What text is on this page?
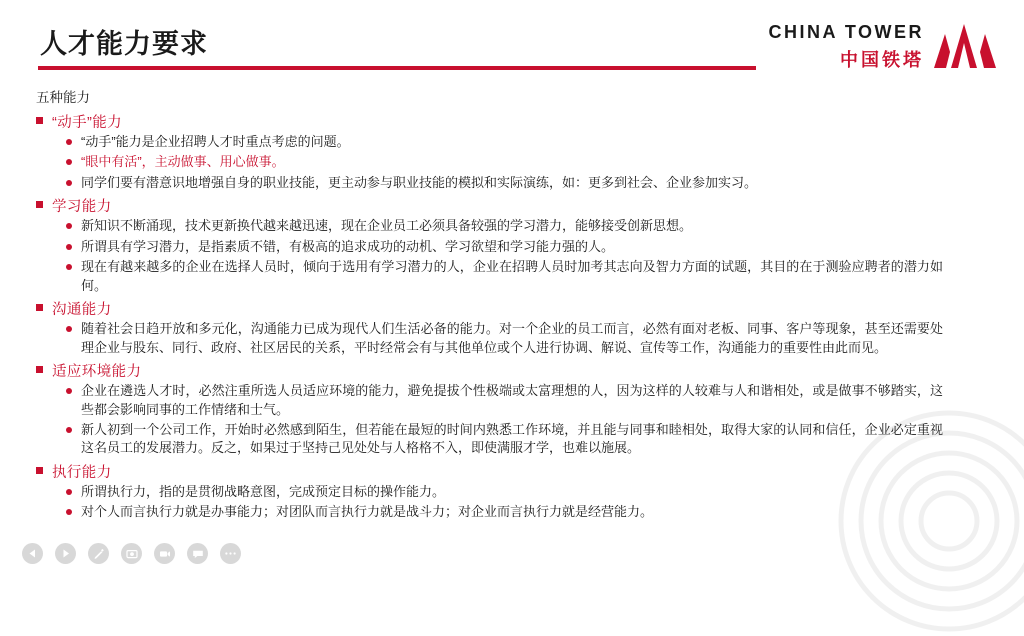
人才能力要求	CHINA TOWER
中国铁塔
五种能力
“动手”能力
“动手”能力是企业招聘人才时重点考虑的问题。
“眼中有活”，主动做事、用心做事。
同学们要有潜意识地增强自身的职业技能，更主动参与职业技能的模拟和实际演练，如：更多到社会、企业参加实习。
学习能力
新知识不断涌现，技术更新换代越来越迅速，现在企业员工必须具备较强的学习潜力，能够接受创新思想。
所谓具有学习潜力，是指素质不错，有极高的追求成功的动机、学习欲望和学习能力强的人。
现在有越来越多的企业在选择人员时，倾向于选用有学习潜力的人，企业在招聘人员时加考其志向及智力方面的试题，其目的在于测验应聘者的潜力如何。
沟通能力
随着社会日趋开放和多元化，沟通能力已成为现代人们生活必备的能力。对一个企业的员工而言，必然有面对老板、同事、客户等现象，甚至还需要处理企业与股东、同行、政府、社区居民的关系，平时经常会有与其他单位或个人进行协调、解说、宣传等工作，沟通能力的重要性由此而见。
适应环境能力
企业在遴选人才时，必然注重所选人员适应环境的能力，避免提拔个性极端或太富理想的人，因为这样的人较难与人和谐相处，或是做事不够踏实，这些都会影响同事的工作情绪和士气。
新人初到一个公司工作，开始时必然感到陌生，但若能在最短的时间内熟悉工作环境，并且能与同事和睦相处，取得大家的认同和信任，企业必定重视这名员工的发展潜力。反之，如果过于坚持己见处处与人格格不入，即使满服才学，也难以施展。
执行能力
所谓执行力，指的是贯彻战略意图，完成预定目标的操作能力。
对个人而言执行力就是办事能力；对团队而言执行力就是战斗力；对企业而言执行力就是经营能力。
